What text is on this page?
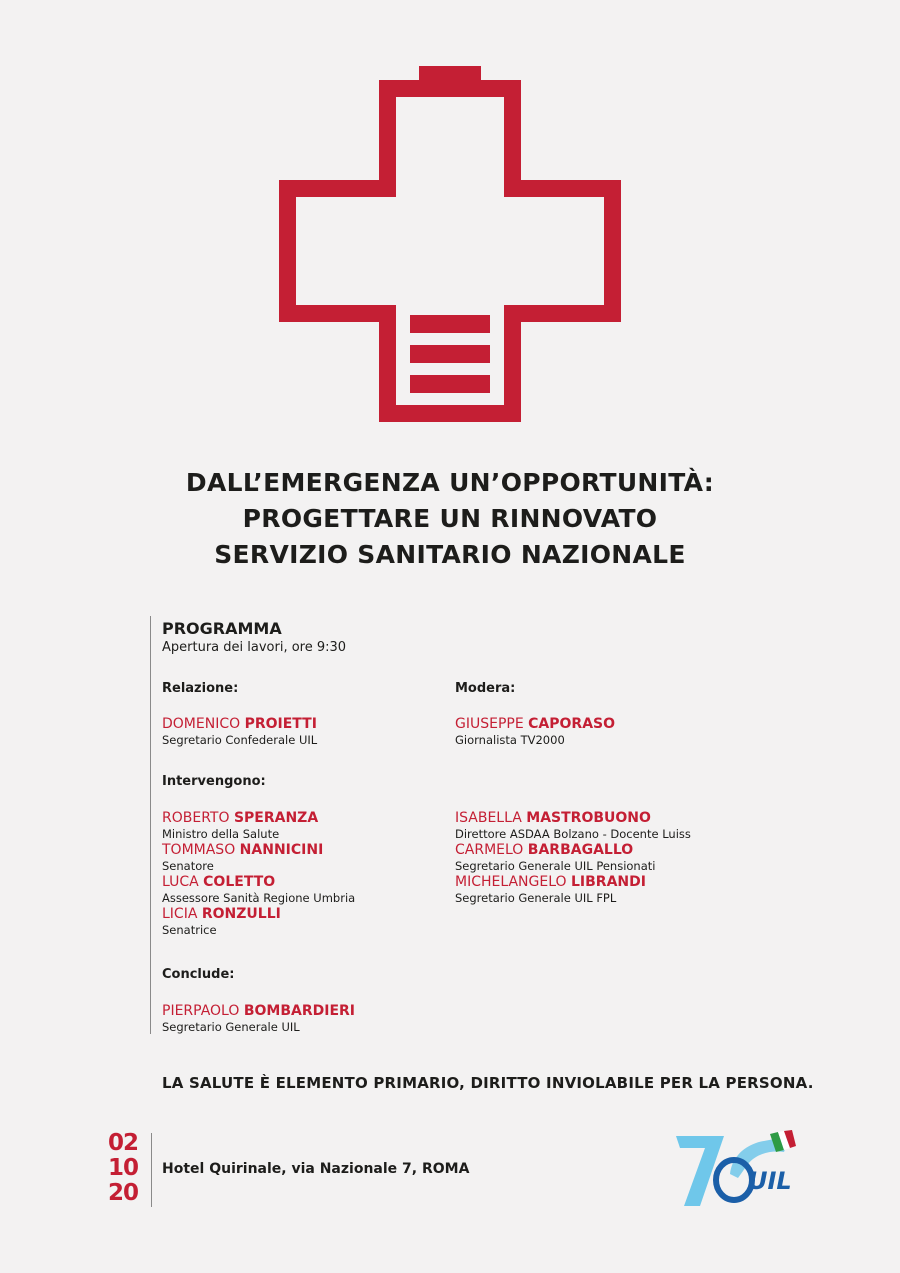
DALL’EMERGENZA UN’OPPORTUNITÀ:
PROGETTARE UN RINNOVATO
SERVIZIO SANITARIO NAZIONALE
PROGRAMMA
Apertura dei lavori, ore 9:30
Relazione:
DOMENICO PROIETTI
Segretario Confederale UIL
Modera:
GIUSEPPE CAPORASO
Giornalista TV2000
Intervengono:
ROBERTO SPERANZA
Ministro della Salute
TOMMASO NANNICINI
Senatore
LUCA COLETTO
Assessore Sanità Regione Umbria
LICIA RONZULLI
Senatrice
ISABELLA MASTROBUONO
Direttore ASDAA Bolzano - Docente Luiss
CARMELO BARBAGALLO
Segretario Generale UIL Pensionati
MICHELANGELO LIBRANDI
Segretario Generale UIL FPL
Conclude:
PIERPAOLO BOMBARDIERI
Segretario Generale UIL
LA SALUTE È ELEMENTO PRIMARIO, DIRITTO INVIOLABILE PER LA PERSONA.
02
10
20
Hotel Quirinale, via Nazionale 7, ROMA	UIL
